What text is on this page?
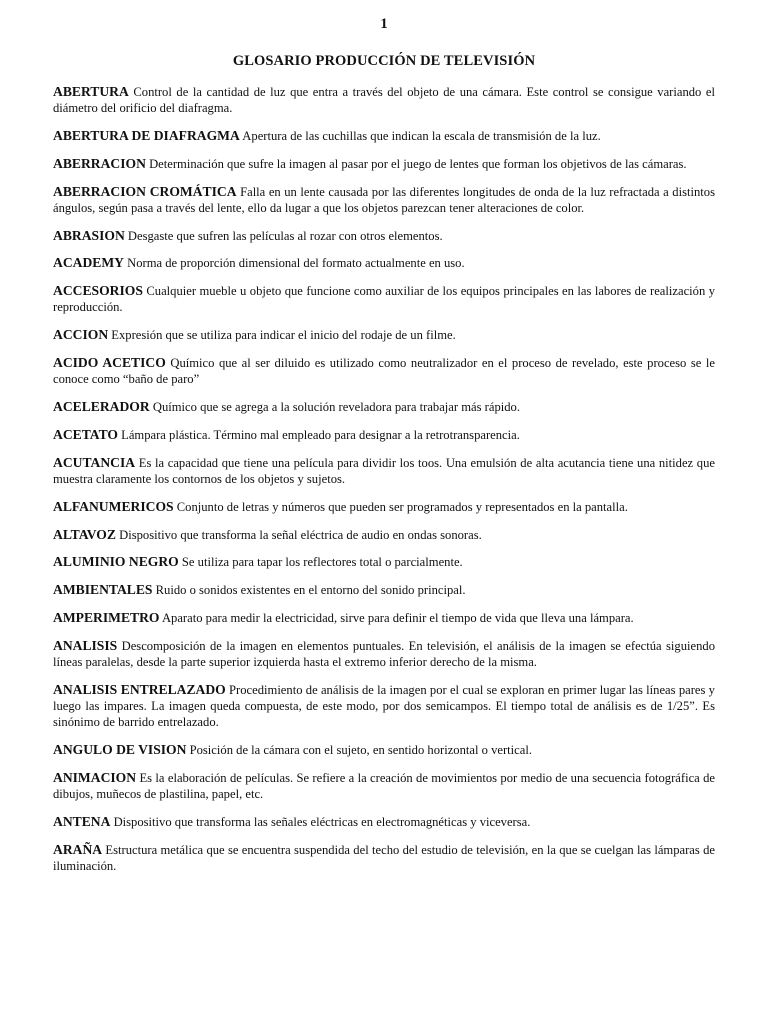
1
GLOSARIO PRODUCCIÓN DE TELEVISIÓN
ABERTURA Control de la cantidad de luz que entra a través del objeto de una cámara. Este control se consigue variando el diámetro del orificio del diafragma.
ABERTURA DE DIAFRAGMA Apertura de las cuchillas que indican la escala de transmisión de la luz.
ABERRACION Determinación que sufre la imagen al pasar por el juego de lentes que forman los objetivos de las cámaras.
ABERRACION CROMÁTICA Falla en un lente causada por las diferentes longitudes de onda de la luz refractada a distintos ángulos, según pasa a través del lente, ello da lugar a que los objetos parezcan tener alteraciones de color.
ABRASION Desgaste que sufren las películas al rozar con otros elementos.
ACADEMY Norma de proporción dimensional del formato actualmente en uso.
ACCESORIOS Cualquier mueble u objeto que funcione como auxiliar de los equipos principales en las labores de realización y reproducción.
ACCION Expresión que se utiliza para indicar el inicio del rodaje de un filme.
ACIDO ACETICO Químico que al ser diluido es utilizado como neutralizador en el proceso de revelado, este proceso se le conoce como “baño de paro”
ACELERADOR Químico que se agrega a la solución reveladora para trabajar más rápido.
ACETATO Lámpara plástica. Término mal empleado para designar a la retrotransparencia.
ACUTANCIA Es la capacidad que tiene una película para dividir los toos. Una emulsión de alta acutancia tiene una nitidez que muestra claramente los contornos de los objetos y sujetos.
ALFANUMERICOS Conjunto de letras y números que pueden ser programados y representados en la pantalla.
ALTAVOZ Dispositivo que transforma la señal eléctrica de audio en ondas sonoras.
ALUMINIO NEGRO Se utiliza para tapar los reflectores total o parcialmente.
AMBIENTALES Ruido o sonidos existentes en el entorno del sonido principal.
AMPERIMETRO Aparato para medir la electricidad, sirve para definir el tiempo de vida que lleva una lámpara.
ANALISIS Descomposición de la imagen en elementos puntuales. En televisión, el análisis de la imagen se efectúa siguiendo líneas paralelas, desde la parte superior izquierda hasta el extremo inferior derecho de la misma.
ANALISIS ENTRELAZADO Procedimiento de análisis de la imagen por el cual se exploran en primer lugar las líneas pares y luego las impares. La imagen queda compuesta, de este modo, por dos semicampos. El tiempo total de análisis es de 1/25”. Es sinónimo de barrido entrelazado.
ANGULO DE VISION Posición de la cámara con el sujeto, en sentido horizontal o vertical.
ANIMACION Es la elaboración de películas. Se refiere a la creación de movimientos por medio de una secuencia fotográfica de dibujos, muñecos de plastilina, papel, etc.
ANTENA Dispositivo que transforma las señales eléctricas en electromagnéticas y viceversa.
ARAÑA Estructura metálica que se encuentra suspendida del techo del estudio de televisión, en la que se cuelgan las lámparas de iluminación.
